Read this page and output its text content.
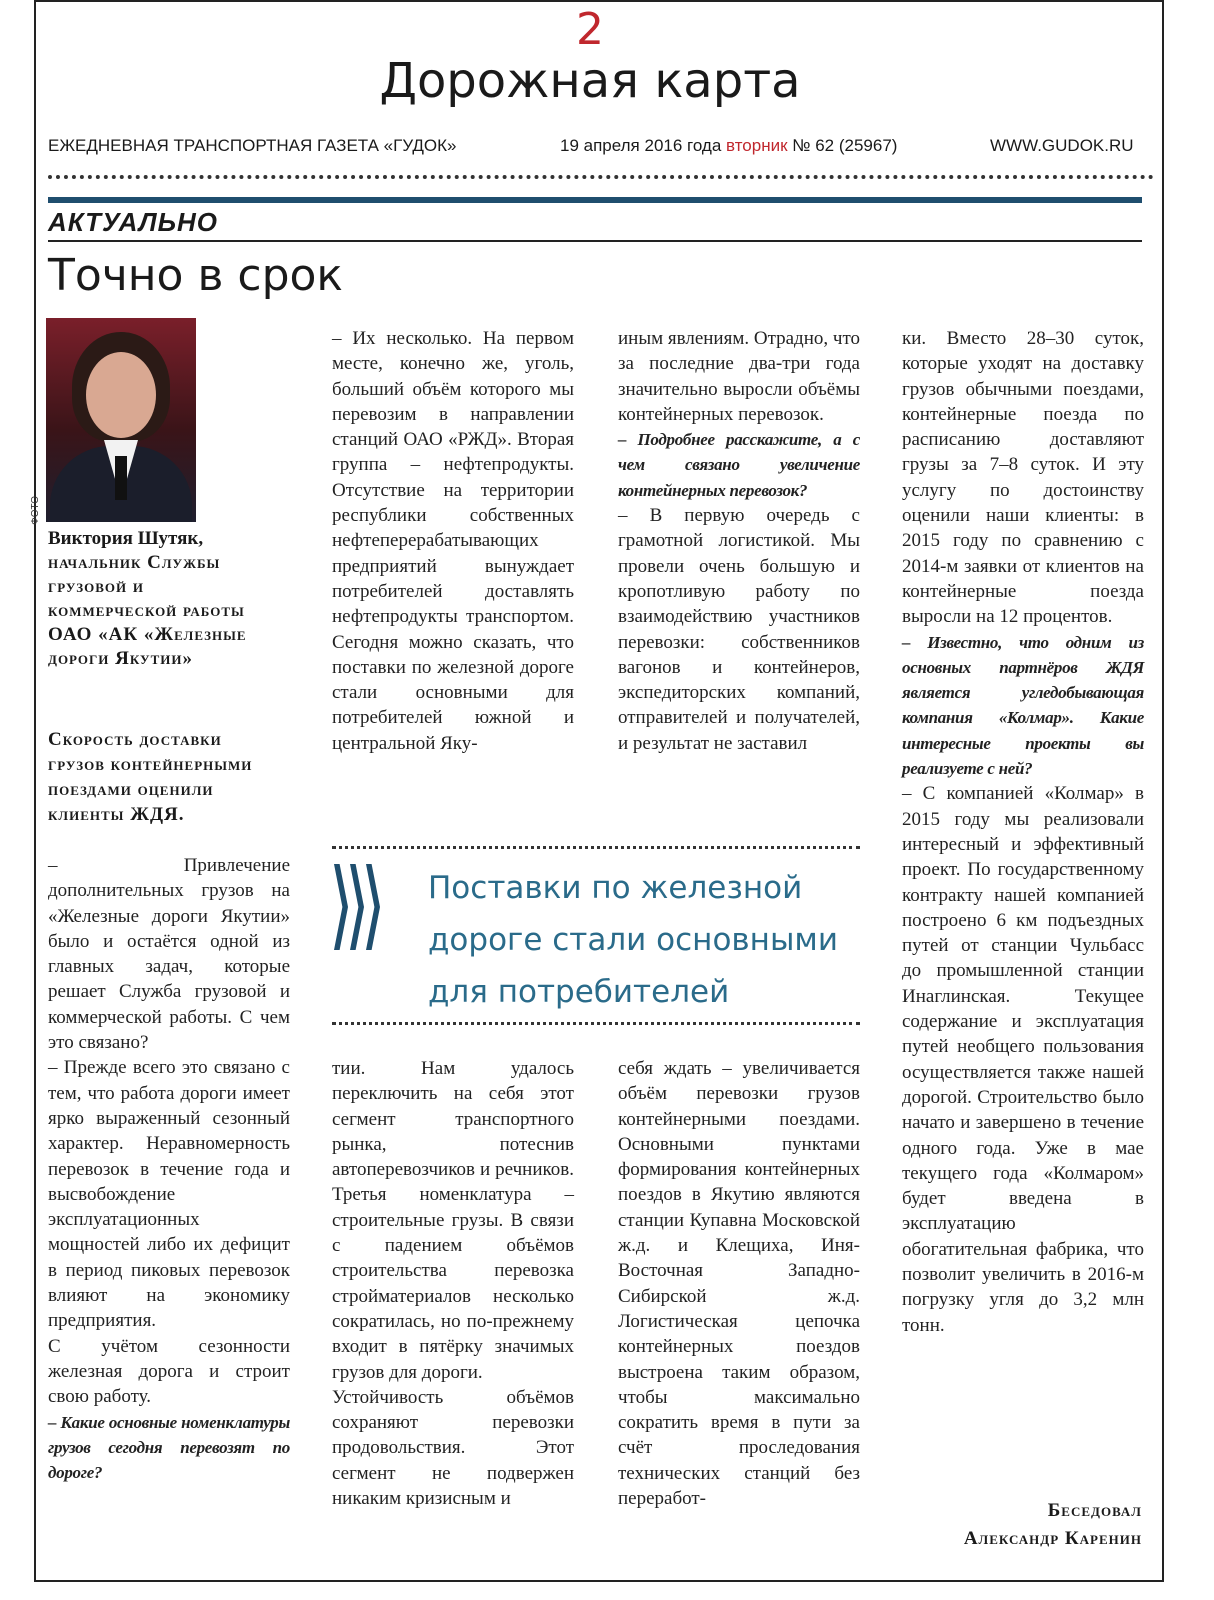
2
Дорожная карта
ЕЖЕДНЕВНАЯ ТРАНСПОРТНАЯ ГАЗЕТА «ГУДОК»	19 апреля 2016 года вторник № 62 (25967)	WWW.GUDOK.RU
АКТУАЛЬНО
Точно в срок
ФОТО
Виктория Шутяк,
начальник Службы грузовой и коммерческой работы ОАО «АК «Железные дороги Якутии»
Скорость доставки грузов контейнерными поездами оценили клиенты ЖДЯ.

– Привлечение дополнительных грузов на «Железные дороги Якутии» было и остаётся одной из главных задач, которые решает Служба грузовой и коммерческой работы. С чем это связано?

– Прежде всего это связано с тем, что работа дороги имеет ярко выраженный сезонный характер. Неравномерность перевозок в течение года и высвобождение эксплуатационных мощностей либо их дефицит в период пиковых перевозок влияют на экономику предприятия.

С учётом сезонности железная дорога и строит свою работу.

– Какие основные номенклатуры грузов сегодня перевозят по дороге?

– Их несколько. На первом месте, конечно же, уголь, больший объём которого мы перевозим в направлении станций ОАО «РЖД». Вторая группа – нефтепродукты. Отсутствие на территории республики собственных нефтеперерабатывающих предприятий вынуждает потребителей доставлять нефтепродукты транспортом. Сегодня можно сказать, что поставки по железной дороге стали основными для потребителей южной и центральной Яку-

иным явлениям. Отрадно, что за последние два-три года значительно выросли объёмы контейнерных перевозок.

– Подробнее расскажите, а с чем связано увеличение контейнерных перевозок?

– В первую очередь с грамотной логистикой. Мы провели очень большую и кропотливую работу по взаимодействию участников перевозки: собственников вагонов и контейнеров, экспедиторских компаний, отправителей и получателей, и результат не заставил

тии. Нам удалось переключить на себя этот сегмент транспортного рынка, потеснив автоперевозчиков и речников. Третья номенклатура – строительные грузы. В связи с падением объёмов строительства перевозка стройматериалов несколько сократилась, но по-прежнему входит в пятёрку значимых грузов для дороги.

Устойчивость объёмов сохраняют перевозки продовольствия. Этот сегмент не подвержен никаким кризисным и

себя ждать – увеличивается объём перевозки грузов контейнерными поездами. Основными пунктами формирования контейнерных поездов в Якутию являются станции Купавна Московской ж.д. и Клещиха, Иня-Восточная Западно-Сибирской ж.д. Логистическая цепочка контейнерных поездов выстроена таким образом, чтобы максимально сократить время в пути за счёт проследования технических станций без переработ-

ки. Вместо 28–30 суток, которые уходят на доставку грузов обычными поездами, контейнерные поезда по расписанию доставляют грузы за 7–8 суток. И эту услугу по достоинству оценили наши клиенты: в 2015 году по сравнению с 2014-м заявки от клиентов на контейнерные поезда выросли на 12 процентов.

– Известно, что одним из основных партнёров ЖДЯ является угледобывающая компания «Колмар». Какие интересные проекты вы реализуете с ней?

– С компанией «Колмар» в 2015 году мы реализовали интересный и эффективный проект. По государственному контракту нашей компанией построено 6 км подъездных путей от станции Чульбасс до промышленной станции Инаглинская. Текущее содержание и эксплуатация путей необщего пользования осуществляется также нашей дорогой. Строительство было начато и завершено в течение одного года. Уже в мае текущего года «Колмаром» будет введена в эксплуатацию обогатительная фабрика, что позволит увеличить в 2016-м погрузку угля до 3,2 млн тонн.

Поставки по железной дороге стали основными для потребителей
Беседовал
Александр Каренин
